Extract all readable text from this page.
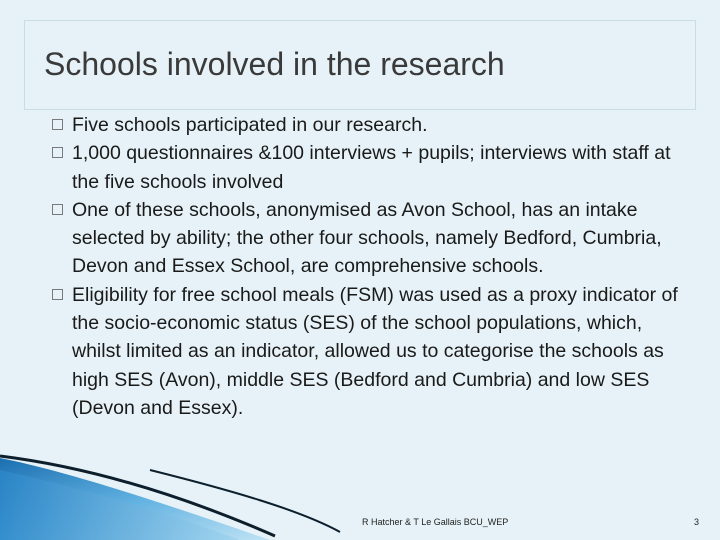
Schools involved in the research
Five schools participated in our research.
1,000 questionnaires &100 interviews + pupils; interviews with staff at the five schools involved
One of these schools, anonymised as Avon School, has an intake selected by ability; the other four schools, namely Bedford, Cumbria, Devon and Essex School, are comprehensive schools.
Eligibility for free school meals (FSM) was used as a proxy indicator of the socio-economic status (SES) of the school populations, which, whilst limited as an indicator, allowed us to categorise the schools as high SES (Avon), middle SES (Bedford and Cumbria) and low SES (Devon and Essex).
R Hatcher & T Le Gallais BCU_WEP	3
